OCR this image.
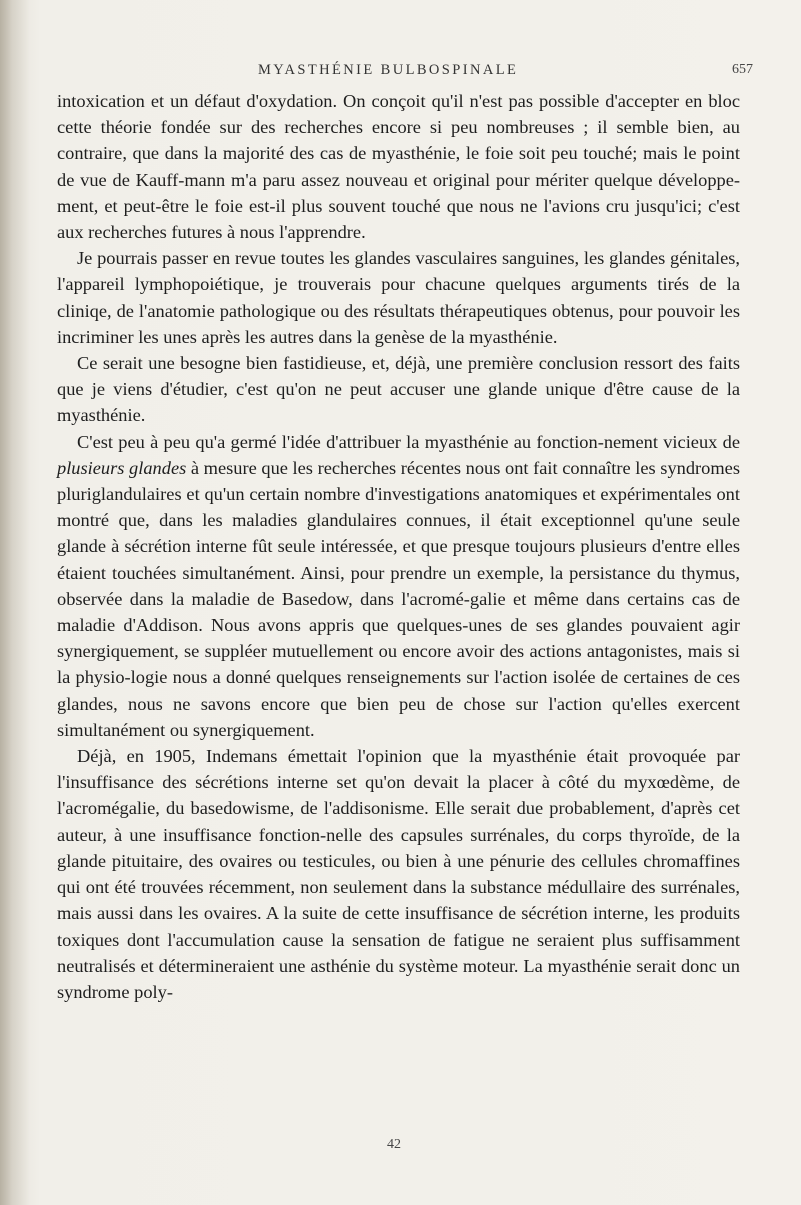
MYASTHÉNIE BULBOSPINALE	657

intoxication et un défaut d'oxydation. On conçoit qu'il n'est pas possible d'accepter en bloc cette théorie fondée sur des recherches encore si peu nombreuses ; il semble bien, au contraire, que dans la majorité des cas de myasthénie, le foie soit peu touché; mais le point de vue de Kauff-mann m'a paru assez nouveau et original pour mériter quelque développe-ment, et peut-être le foie est-il plus souvent touché que nous ne l'avions cru jusqu'ici; c'est aux recherches futures à nous l'apprendre.

Je pourrais passer en revue toutes les glandes vasculaires sanguines, les glandes génitales, l'appareil lymphopoiétique, je trouverais pour chacune quelques arguments tirés de la cliniqe, de l'anatomie pathologique ou des résultats thérapeutiques obtenus, pour pouvoir les incriminer les unes après les autres dans la genèse de la myasthénie.

Ce serait une besogne bien fastidieuse, et, déjà, une première conclusion ressort des faits que je viens d'étudier, c'est qu'on ne peut accuser une glande unique d'être cause de la myasthénie.

C'est peu à peu qu'a germé l'idée d'attribuer la myasthénie au fonction-nement vicieux de plusieurs glandes à mesure que les recherches récentes nous ont fait connaître les syndromes pluriglandulaires et qu'un certain nombre d'investigations anatomiques et expérimentales ont montré que, dans les maladies glandulaires connues, il était exceptionnel qu'une seule glande à sécrétion interne fût seule intéressée, et que presque toujours plusieurs d'entre elles étaient touchées simultanément. Ainsi, pour prendre un exemple, la persistance du thymus, observée dans la maladie de Basedow, dans l'acromé-galie et même dans certains cas de maladie d'Addison. Nous avons appris que quelques-unes de ses glandes pouvaient agir synergiquement, se suppléer mutuellement ou encore avoir des actions antagonistes, mais si la physio-logie nous a donné quelques renseignements sur l'action isolée de certaines de ces glandes, nous ne savons encore que bien peu de chose sur l'action qu'elles exercent simultanément ou synergiquement.

Déjà, en 1905, Indemans émettait l'opinion que la myasthénie était provoquée par l'insuffisance des sécrétions interne set qu'on devait la placer à côté du myxœdème, de l'acromégalie, du basedowisme, de l'addisonisme. Elle serait due probablement, d'après cet auteur, à une insuffisance fonction-nelle des capsules surrénales, du corps thyroïde, de la glande pituitaire, des ovaires ou testicules, ou bien à une pénurie des cellules chromaffines qui ont été trouvées récemment, non seulement dans la substance médullaire des surrénales, mais aussi dans les ovaires. A la suite de cette insuffisance de sécrétion interne, les produits toxiques dont l'accumulation cause la sensation de fatigue ne seraient plus suffisamment neutralisés et détermineraient une asthénie du système moteur. La myasthénie serait donc un syndrome poly-

42
